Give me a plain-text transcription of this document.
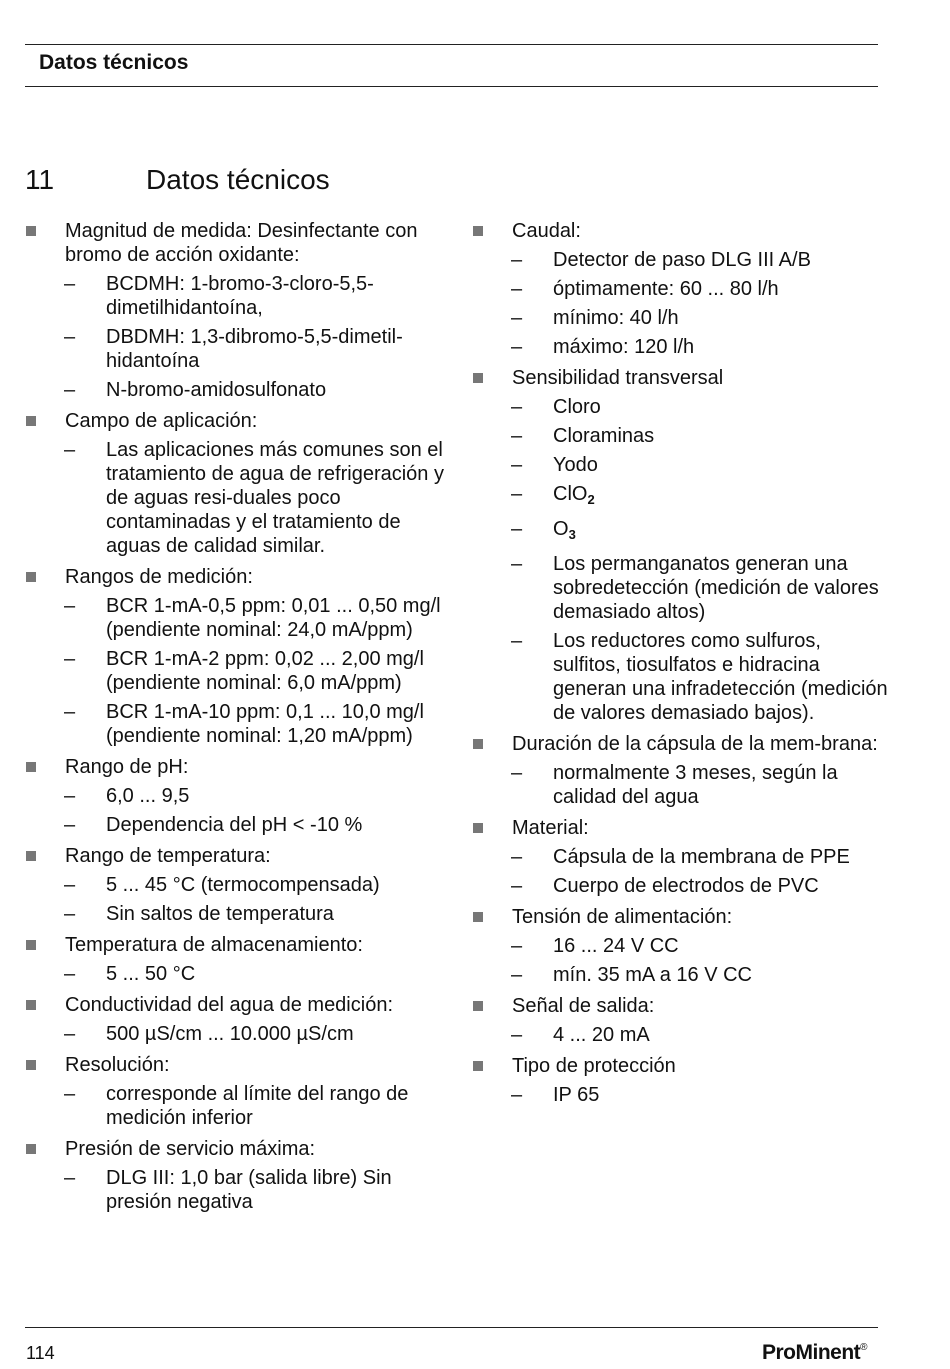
Datos técnicos
11	Datos técnicos
Magnitud de medida: Desinfectante con bromo de acción oxidante:
– BCDMH: 1-bromo-3-cloro-5,5-dimetilhidantoína,
– DBDMH: 1,3-dibromo-5,5-dimetil-hidantoína
– N-bromo-amidosulfonato
Campo de aplicación:
– Las aplicaciones más comunes son el tratamiento de agua de refrigeración y de aguas resi-duales poco contaminadas y el tratamiento de aguas de calidad similar.
Rangos de medición:
– BCR 1-mA-0,5 ppm: 0,01 ... 0,50 mg/l (pendiente nominal: 24,0 mA/ppm)
– BCR 1-mA-2 ppm: 0,02 ... 2,00 mg/l (pendiente nominal: 6,0 mA/ppm)
– BCR 1-mA-10 ppm: 0,1 ... 10,0 mg/l (pendiente nominal: 1,20 mA/ppm)
Rango de pH:
– 6,0 ... 9,5
– Dependencia del pH < -10 %
Rango de temperatura:
– 5 ... 45 °C (termocompensada)
– Sin saltos de temperatura
Temperatura de almacenamiento:
– 5 ... 50 °C
Conductividad del agua de medición:
– 500 µS/cm ... 10.000 µS/cm
Resolución:
– corresponde al límite del rango de medición inferior
Presión de servicio máxima:
– DLG III: 1,0 bar (salida libre) Sin presión negativa
Caudal:
– Detector de paso DLG III A/B
– óptimamente: 60 ... 80 l/h
– mínimo: 40 l/h
– máximo: 120 l/h
Sensibilidad transversal
– Cloro
– Cloraminas
– Yodo
– ClO$_2$
– $O_3$
– Los permanganatos generan una sobredetección (medición de valores demasiado altos)
– Los reductores como sulfuros, sulfitos, tiosulfatos e hidracina generan una infradetección (medición de valores demasiado bajos).
Duración de la cápsula de la mem-brana:
– normalmente 3 meses, según la calidad del agua
Material:
– Cápsula de la membrana de PPE
– Cuerpo de electrodos de PVC
Tensión de alimentación:
– 16 ... 24 V CC
– mín. 35 mA a 16 V CC
Señal de salida:
– 4 ... 20 mA
Tipo de protección
– IP 65
114	ProMinent®
